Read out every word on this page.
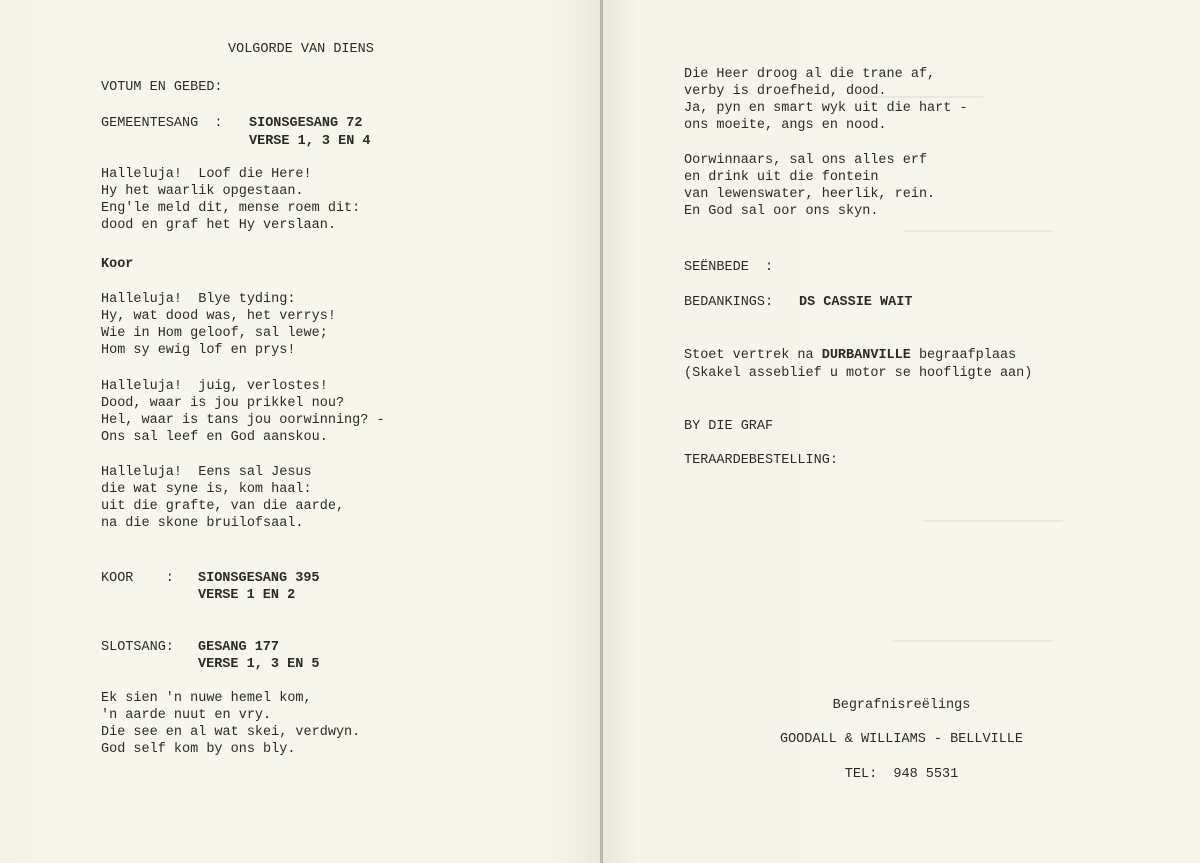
VOLGORDE VAN DIENS
VOTUM EN GEBED:
GEMEENTESANG  : SIONSGESANG 72
VERSE 1, 3 EN 4
Halleluja!  Loof die Here!
Hy het waarlik opgestaan.
Eng'le meld dit, mense roem dit:
dood en graf het Hy verslaan.
Koor
Halleluja!  Blye tyding:
Hy, wat dood was, het verrys!
Wie in Hom geloof, sal lewe;
Hom sy ewig lof en prys!
Halleluja!  juig, verlostes!
Dood, waar is jou prikkel nou?
Hel, waar is tans jou oorwinning? -
Ons sal leef en God aanskou.
Halleluja!  Eens sal Jesus
die wat syne is, kom haal:
uit die grafte, van die aarde,
na die skone bruilofsaal.
KOOR    : SIONSGESANG 395
VERSE 1 EN 2
SLOTSANG: GESANG 177
VERSE 1, 3 EN 5
Ek sien 'n nuwe hemel kom,
'n aarde nuut en vry.
Die see en al wat skei, verdwyn.
God self kom by ons bly.
Die Heer droog al die trane af,
verby is droefheid, dood.
Ja, pyn en smart wyk uit die hart -
ons moeite, angs en nood.
Oorwinnaars, sal ons alles erf
en drink uit die fontein
van lewenswater, heerlik, rein.
En God sal oor ons skyn.
SEËNBEDE  :
BEDANKINGS: DS CASSIE WAIT
Stoet vertrek na DURBANVILLE begraafplaas
(Skakel asseblief u motor se hoofligte aan)
BY DIE GRAF
TERAARDEBESTELLING:
Begrafnisreëlings
GOODALL & WILLIAMS - BELLVILLE
TEL:  948 5531
